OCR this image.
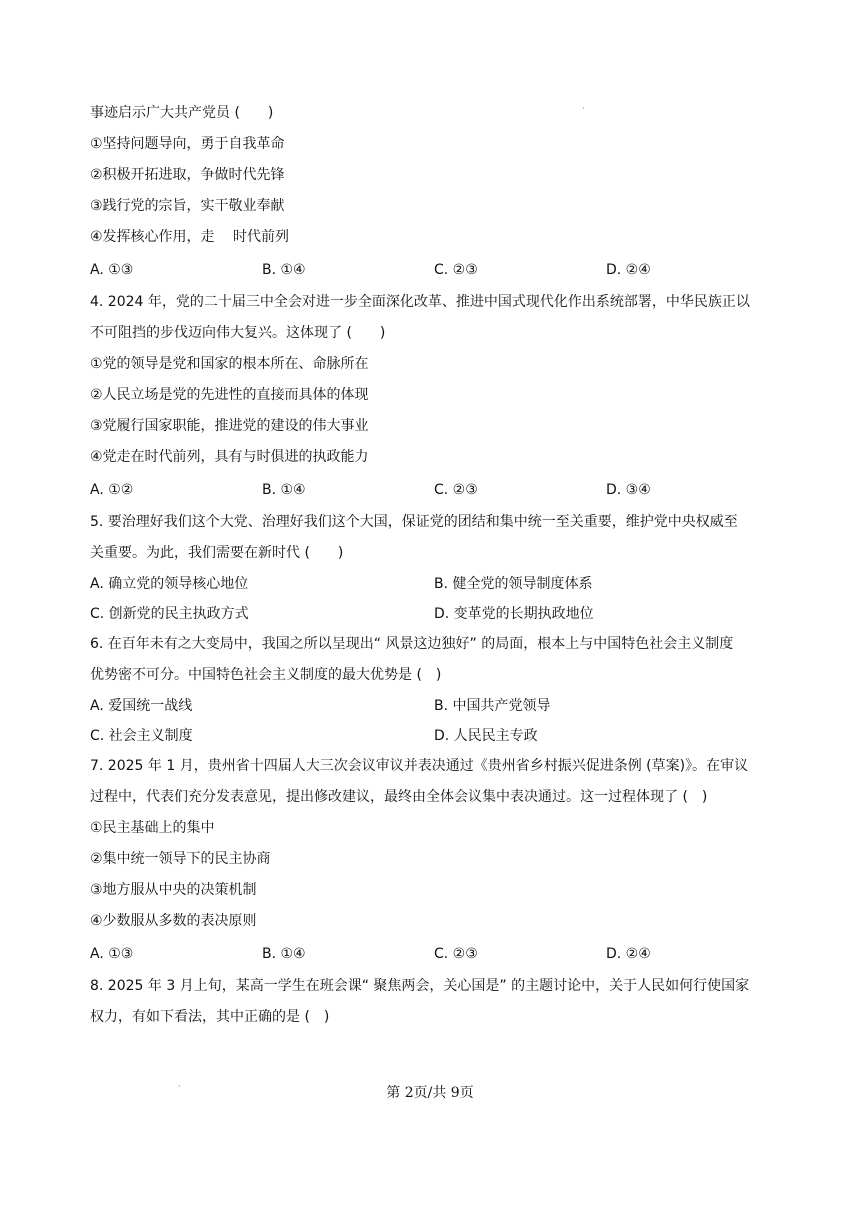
·
·
事迹启示广大共产党员 (　　)
①坚持问题导向，勇于自我革命
②积极开拓进取，争做时代先锋
③践行党的宗旨，实干敬业奉献
④发挥核心作用，走　 时代前列
A. ①③	B. ①④	C. ②③	D. ②④
4. 2024 年，党的二十届三中全会对进一步全面深化改革、推进中国式现代化作出系统部署，中华民族正以
不可阻挡的步伐迈向伟大复兴。这体现了 (　　)
①党的领导是党和国家的根本所在、命脉所在
②人民立场是党的先进性的直接而具体的体现
③党履行国家职能，推进党的建设的伟大事业
④党走在时代前列，具有与时俱进的执政能力
A. ①②	B. ①④	C. ②③	D. ③④
5. 要治理好我们这个大党、治理好我们这个大国，保证党的团结和集中统一至关重要，维护党中央权威至
关重要。为此，我们需要在新时代 (　　)
A. 确立党的领导核心地位	B. 健全党的领导制度体系
C. 创新党的民主执政方式	D. 变革党的长期执政地位
6. 在百年未有之大变局中，我国之所以呈现出“ 风景这边独好” 的局面，根本上与中国特色社会主义制度
优势密不可分。中国特色社会主义制度的最大优势是 (　)
A. 爱国统一战线	B. 中国共产党领导
C. 社会主义制度	D. 人民民主专政
7. 2025 年 1 月，贵州省十四届人大三次会议审议并表决通过《贵州省乡村振兴促进条例 (草案)》。在审议
过程中，代表们充分发表意见，提出修改建议，最终由全体会议集中表决通过。这一过程体现了 (　)
①民主基础上的集中
②集中统一领导下的民主协商
③地方服从中央的决策机制
④少数服从多数的表决原则
A. ①③	B. ①④	C. ②③	D. ②④
8. 2025 年 3 月上旬，某高一学生在班会课“ 聚焦两会，关心国是” 的主题讨论中，关于人民如何行使国家
权力，有如下看法，其中正确的是 (　)
第 2页/共 9页
